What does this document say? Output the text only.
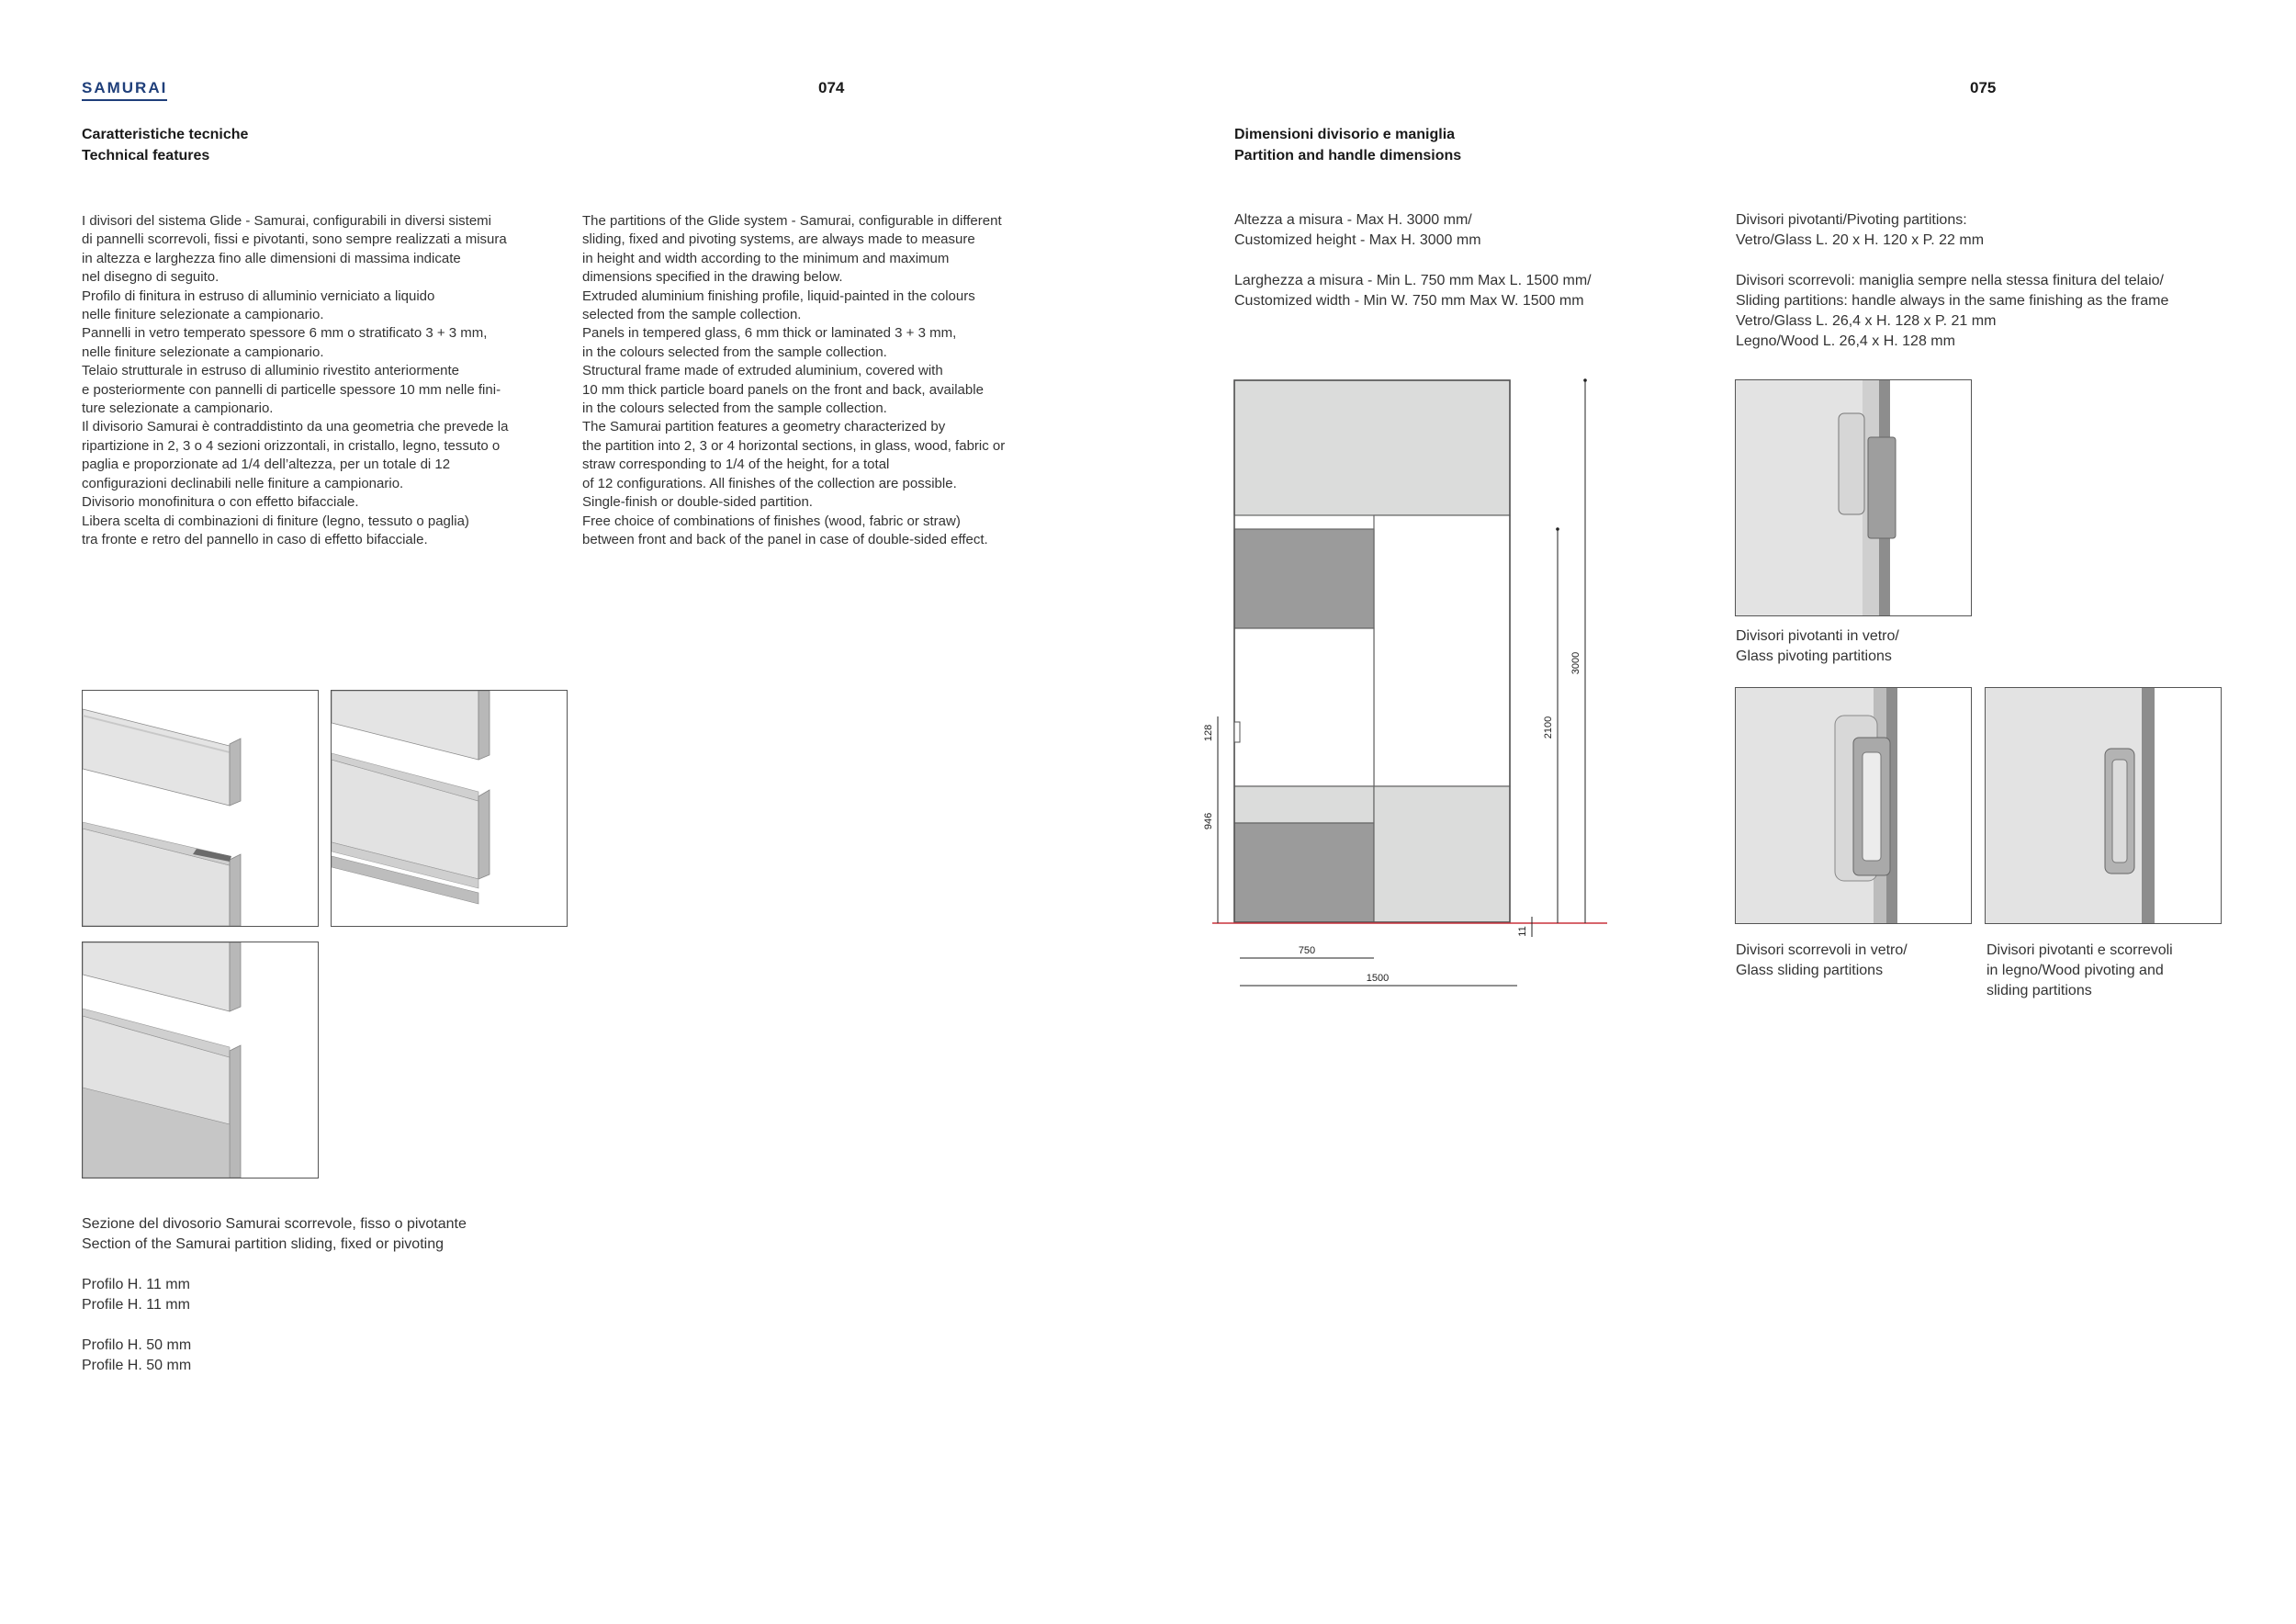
SAMURAI	074
Caratteristiche tecniche
Technical features
I divisori del sistema Glide - Samurai, configurabili in diversi sistemi
di pannelli scorrevoli, fissi e pivotanti, sono sempre realizzati a misura
in altezza e larghezza fino alle dimensioni di massima indicate
nel disegno di seguito.
Profilo di finitura in estruso di alluminio verniciato a liquido
nelle finiture selezionate a campionario.
Pannelli in vetro temperato spessore 6 mm o stratificato 3 + 3 mm,
nelle finiture selezionate a campionario.
Telaio strutturale in estruso di alluminio rivestito anteriormente
e posteriormente con pannelli di particelle spessore 10 mm nelle fini-
ture selezionate a campionario.
Il divisorio Samurai è contraddistinto da una geometria che prevede la
ripartizione in 2, 3 o 4 sezioni orizzontali, in cristallo, legno, tessuto o
paglia e proporzionate ad 1/4 dell’altezza, per un totale di 12
configurazioni declinabili nelle finiture a campionario.
Divisorio monofinitura o con effetto bifacciale.
Libera scelta di combinazioni di finiture (legno, tessuto o paglia)
tra fronte e retro del pannello in caso di effetto bifacciale.
The partitions of the Glide system - Samurai, configurable in different
sliding, fixed and pivoting systems, are always made to measure
in height and width according to the minimum and maximum
dimensions specified in the drawing below.
Extruded aluminium finishing profile, liquid-painted in the colours
selected from the sample collection.
Panels in tempered glass, 6 mm thick or laminated 3 + 3 mm,
in the colours selected from the sample collection.
Structural frame made of extruded aluminium, covered with
10 mm thick particle board panels on the front and back, available
in the colours selected from the sample collection.
The Samurai partition features a geometry characterized by
the partition into 2, 3 or 4 horizontal sections, in glass, wood, fabric or
straw corresponding to 1/4 of the height, for a total
of 12 configurations. All finishes of the collection are possible.
Single-finish or double-sided partition.
Free choice of combinations of finishes (wood, fabric or straw)
between front and back of the panel in case of double-sided effect.
Sezione del divosorio Samurai scorrevole, fisso o pivotante
Section of the Samurai partition sliding, fixed or pivoting
Profilo H. 11 mm
Profile H. 11 mm
Profilo H. 50 mm
Profile H. 50 mm
075
Dimensioni divisorio e maniglia
Partition and handle dimensions
Altezza a misura - Max H. 3000 mm/
Customized height - Max H. 3000 mm
Larghezza a misura - Min L. 750 mm Max L. 1500 mm/
Customized width - Min W. 750 mm Max W. 1500 mm
Divisori pivotanti/Pivoting partitions:
Vetro/Glass L. 20 x H. 120 x P. 22 mm
Divisori scorrevoli: maniglia sempre nella stessa finitura del telaio/
Sliding partitions: handle always in the same finishing as the frame
Vetro/Glass L. 26,4 x H. 128 x P. 21 mm
Legno/Wood L. 26,4 x H. 128 mm
3000
2100
11
128
946
750
1500
Divisori pivotanti in vetro/
Glass pivoting partitions
Divisori scorrevoli in vetro/
Glass sliding partitions
Divisori pivotanti e scorrevoli
in legno/Wood pivoting and
sliding partitions
